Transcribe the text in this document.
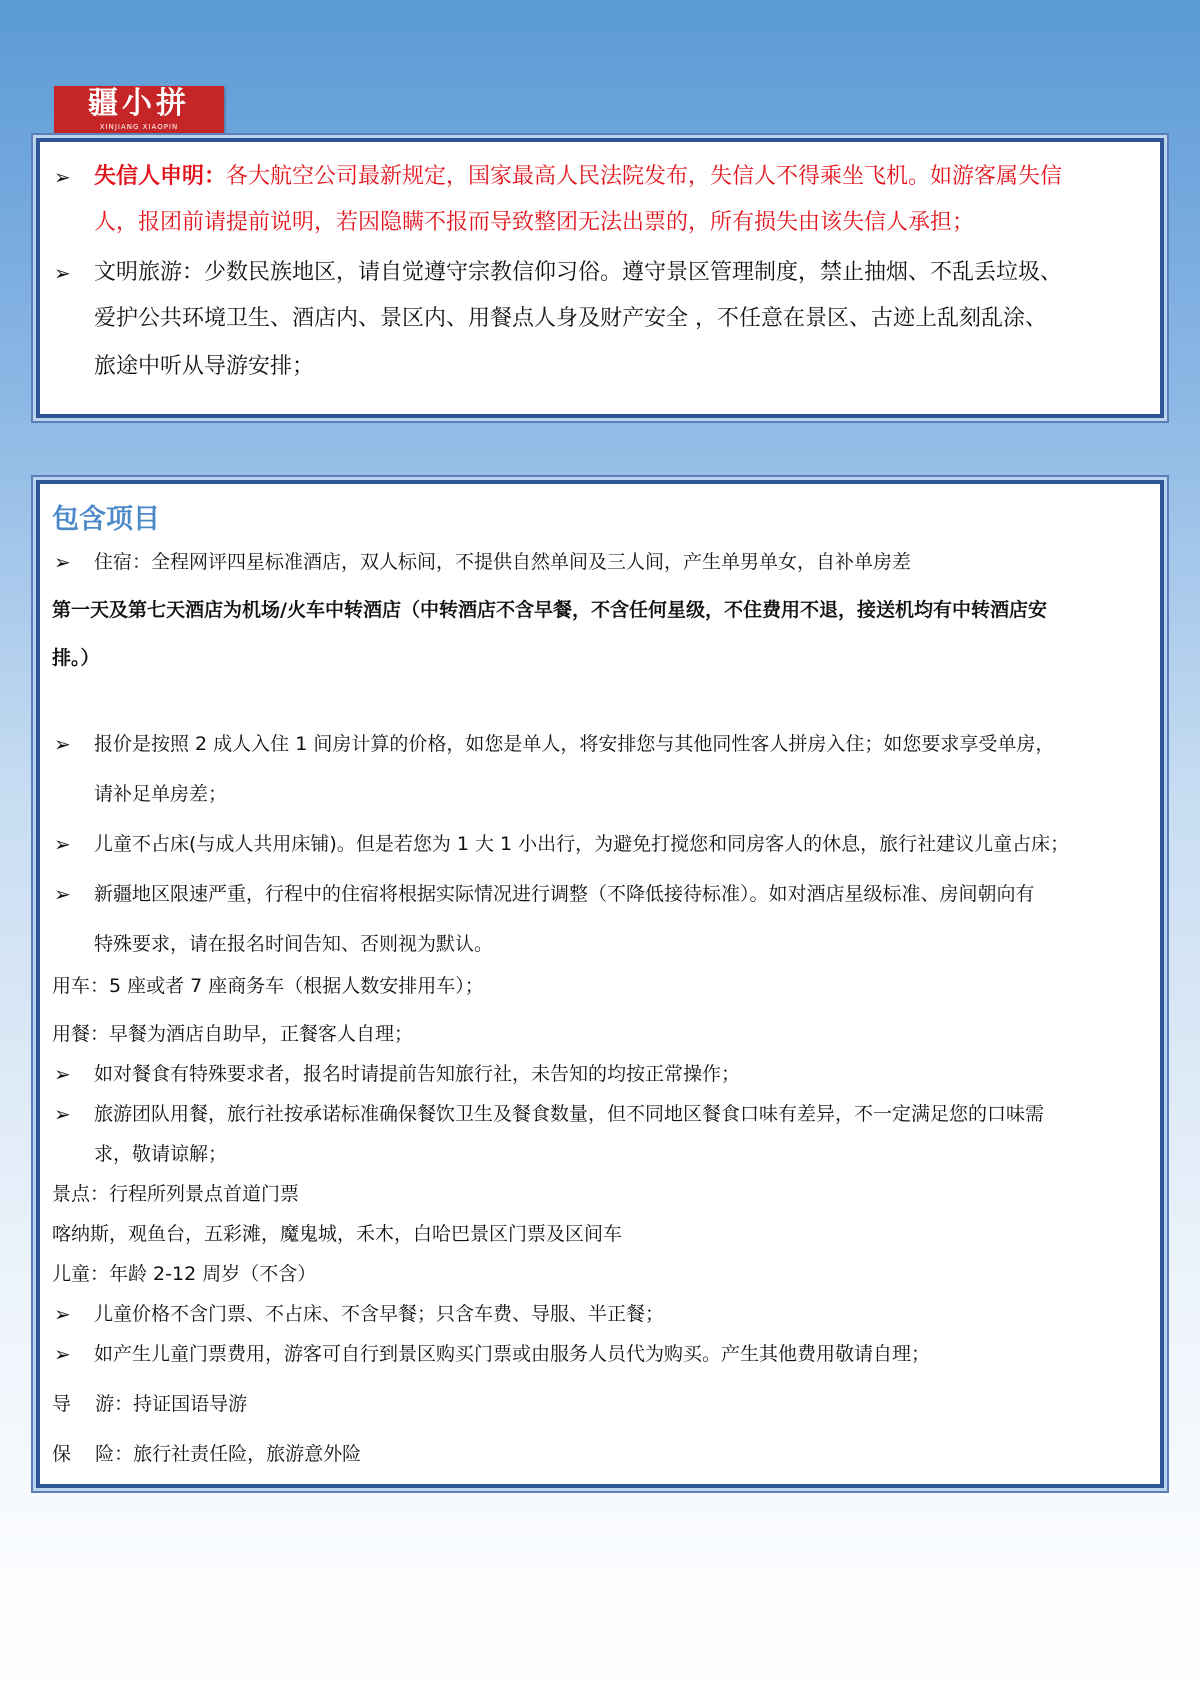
疆小拼
XINJIANG XIAOPIN
➢ 失信人申明：各大航空公司最新规定，国家最高人民法院发布，失信人不得乘坐飞机。如游客属失信
人，报团前请提前说明，若因隐瞒不报而导致整团无法出票的，所有损失由该失信人承担；
➢ 文明旅游：少数民族地区，请自觉遵守宗教信仰习俗。遵守景区管理制度，禁止抽烟、不乱丢垃圾、
爱护公共环境卫生、酒店内、景区内、用餐点人身及财产安全 ，不任意在景区、古迹上乱刻乱涂、
旅途中听从导游安排；
包含项目
➢ 住宿：全程网评四星标准酒店，双人标间，不提供自然单间及三人间，产生单男单女，自补单房差
第一天及第七天酒店为机场/火车中转酒店（中转酒店不含早餐，不含任何星级，不住费用不退，接送机均有中转酒店安
排。）
➢ 报价是按照 2 成人入住 1 间房计算的价格，如您是单人，将安排您与其他同性客人拼房入住；如您要求享受单房，
请补足单房差；
➢ 儿童不占床(与成人共用床铺)。但是若您为 1 大 1 小出行，为避免打搅您和同房客人的休息，旅行社建议儿童占床；
➢ 新疆地区限速严重，行程中的住宿将根据实际情况进行调整（不降低接待标准）。如对酒店星级标准、房间朝向有
特殊要求，请在报名时间告知、否则视为默认。
用车：5 座或者 7 座商务车（根据人数安排用车）；
用餐：早餐为酒店自助早，正餐客人自理；
➢ 如对餐食有特殊要求者，报名时请提前告知旅行社，未告知的均按正常操作；
➢ 旅游团队用餐，旅行社按承诺标准确保餐饮卫生及餐食数量，但不同地区餐食口味有差异，不一定满足您的口味需
求，敬请谅解；
景点：行程所列景点首道门票
喀纳斯，观鱼台，五彩滩，魔鬼城，禾木，白哈巴景区门票及区间车
儿童：年龄 2-12 周岁（不含）
➢ 儿童价格不含门票、不占床、不含早餐；只含车费、导服、半正餐；
➢ 如产生儿童门票费用，游客可自行到景区购买门票或由服务人员代为购买。产生其他费用敬请自理；
导    游：持证国语导游
保    险：旅行社责任险，旅游意外险
